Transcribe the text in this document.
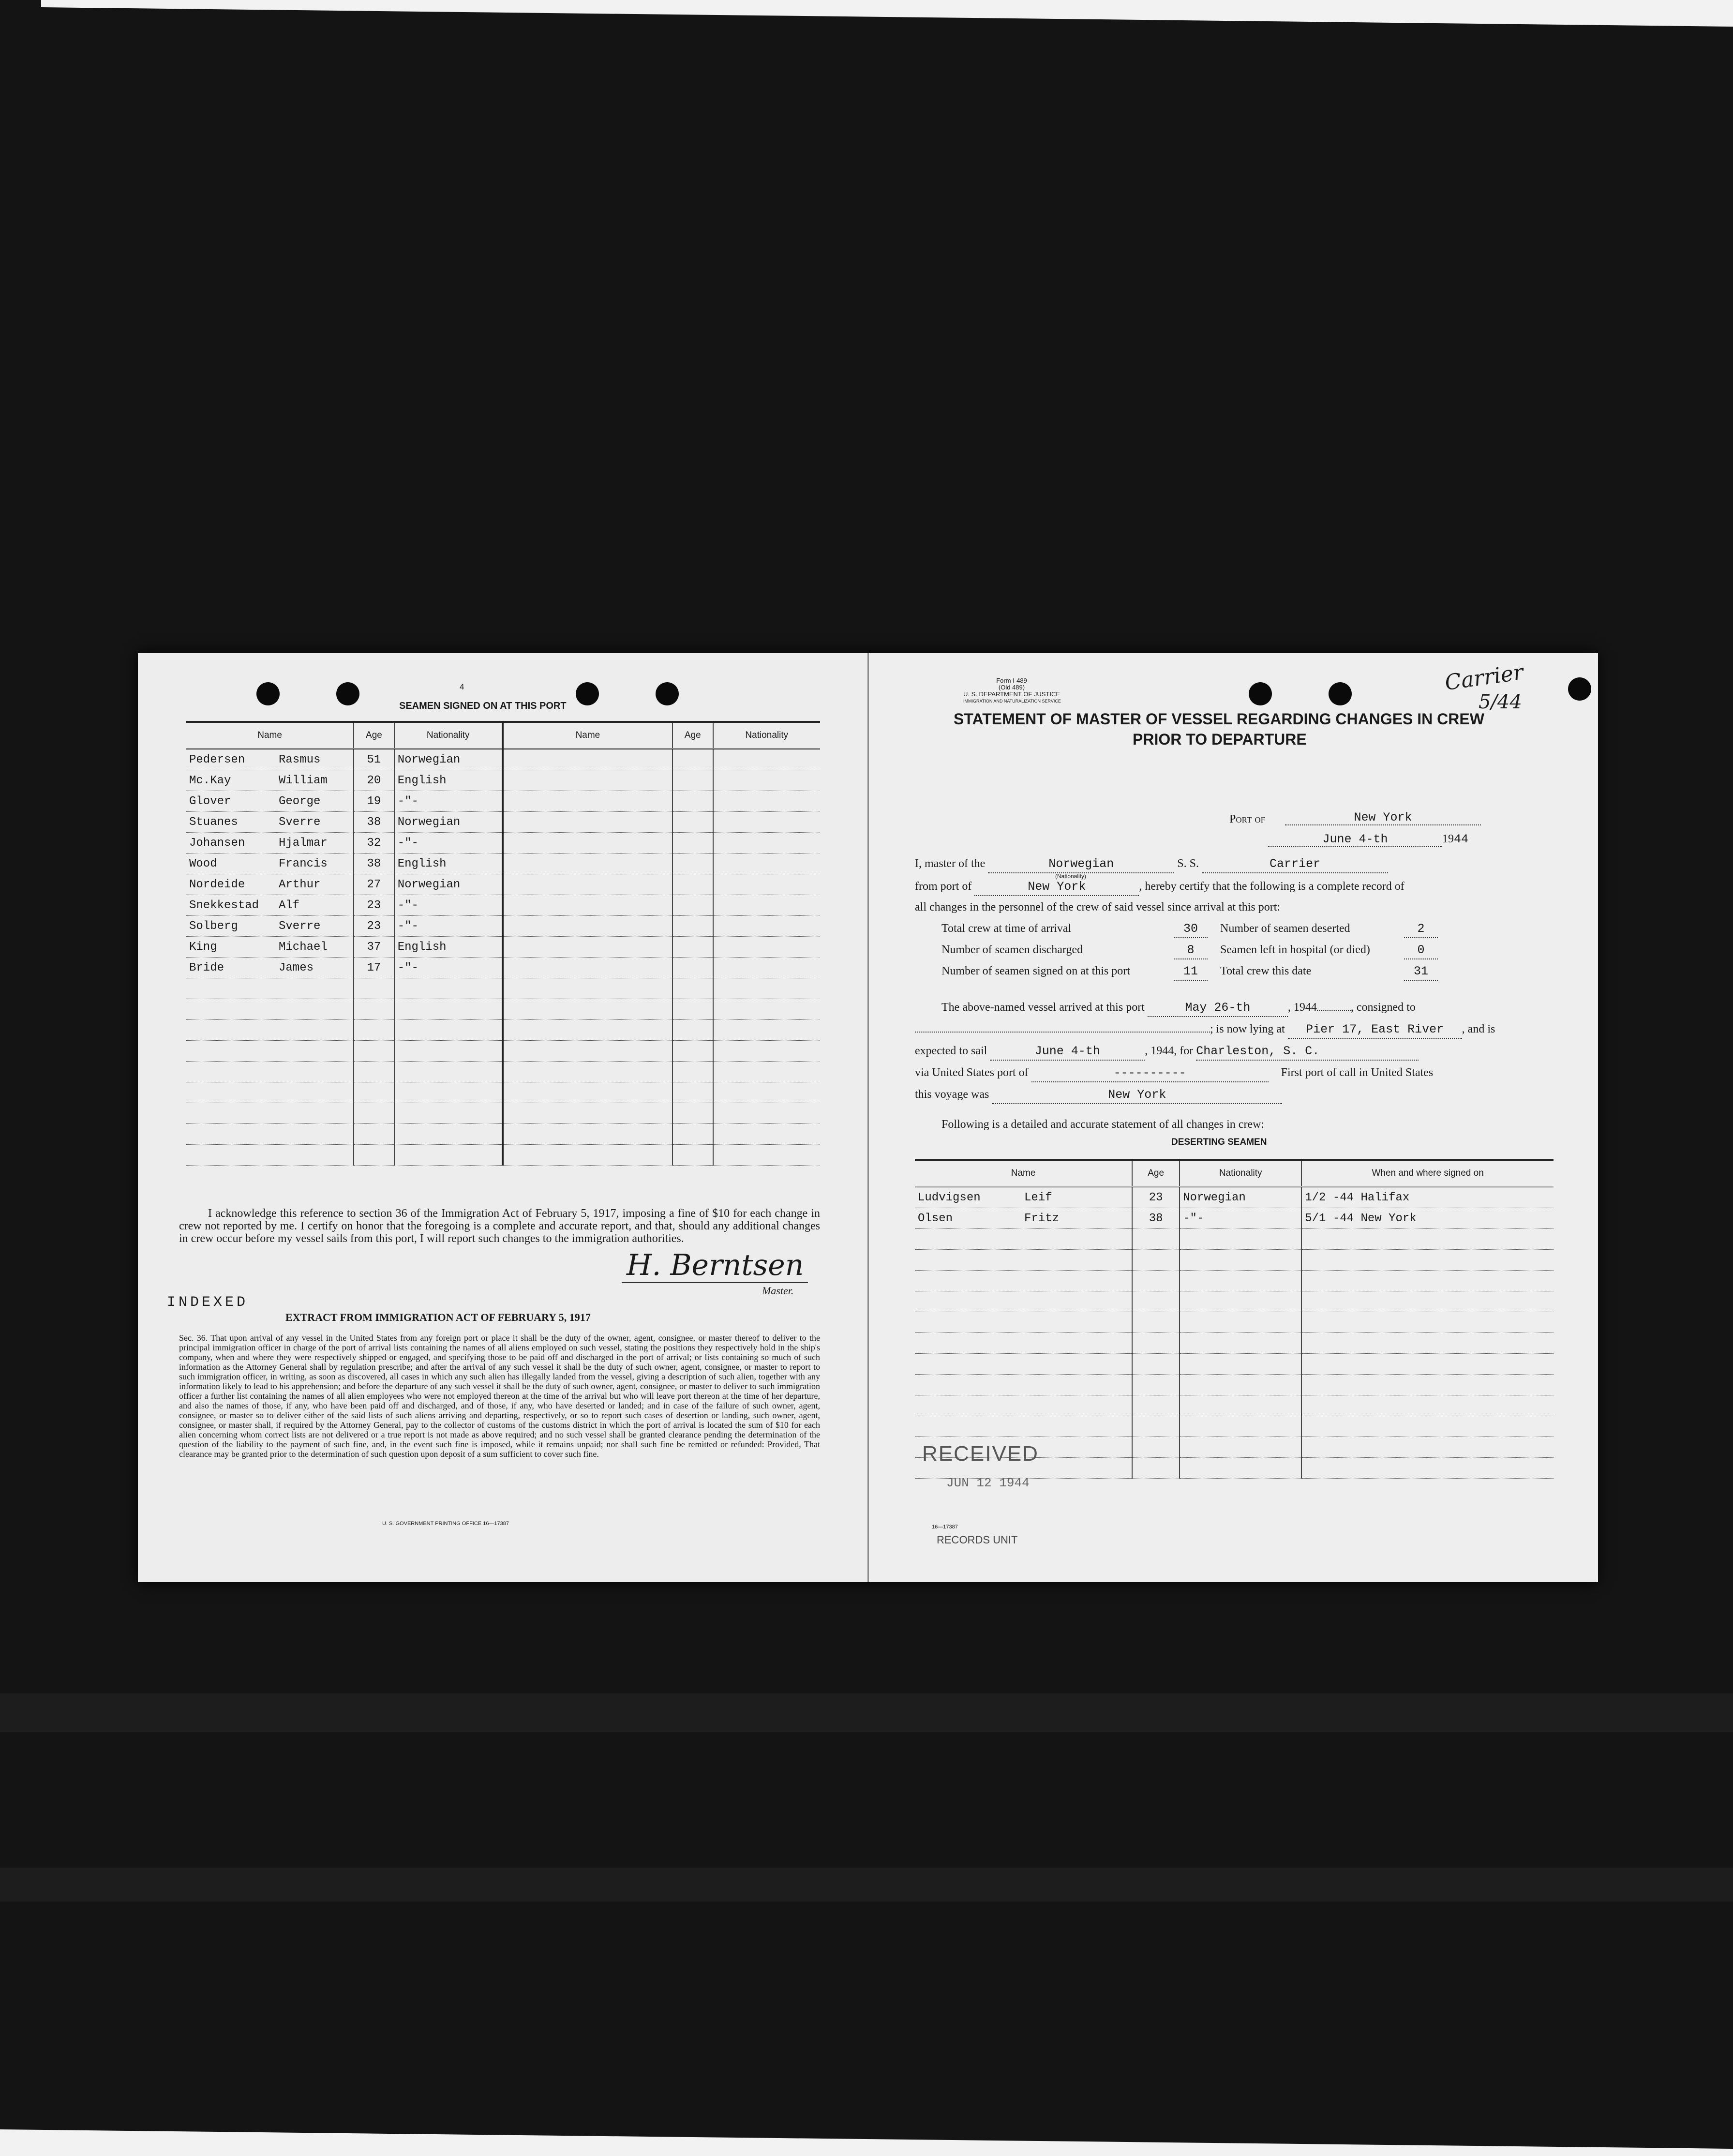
4
SEAMEN SIGNED ON AT THIS PORT
Name	Age	Nationality	Name	Age	Nationality
Pedersen Rasmus	51	Norwegian			
Mc.Kay William	20	English			
Glover George	19	-"-			
Stuanes Sverre	38	Norwegian			
Johansen Hjalmar	32	-"-			
Wood Francis	38	English			
Nordeide Arthur	27	Norwegian			
Snekkestad Alf	23	-"-			
Solberg Sverre	23	-"-			
King Michael	37	English			
Bride James	17	-"-			

I acknowledge this reference to section 36 of the Immigration Act of February 5, 1917, imposing a fine of $10 for each change in crew not reported by me. I certify on honor that the foregoing is a complete and accurate report, and that, should any additional changes in crew occur before my vessel sails from this port, I will report such changes to the immigration authorities.
H. Berntsen
Master.
INDEXED
EXTRACT FROM IMMIGRATION ACT OF FEBRUARY 5, 1917
Sec. 36. That upon arrival of any vessel in the United States from any foreign port or place it shall be the duty of the owner, agent, consignee, or master thereof to deliver to the principal immigration officer in charge of the port of arrival lists containing the names of all aliens employed on such vessel, stating the positions they respectively hold in the ship's company, when and where they were respectively shipped or engaged, and specifying those to be paid off and discharged in the port of arrival; or lists containing so much of such information as the Attorney General shall by regulation prescribe; and after the arrival of any such vessel it shall be the duty of such owner, agent, consignee, or master to report to such immigration officer, in writing, as soon as discovered, all cases in which any such alien has illegally landed from the vessel, giving a description of such alien, together with any information likely to lead to his apprehension; and before the departure of any such vessel it shall be the duty of such owner, agent, consignee, or master to deliver to such immigration officer a further list containing the names of all alien employees who were not employed thereon at the time of the arrival but who will leave port thereon at the time of her departure, and also the names of those, if any, who have been paid off and discharged, and of those, if any, who have deserted or landed; and in case of the failure of such owner, agent, consignee, or master so to deliver either of the said lists of such aliens arriving and departing, respectively, or so to report such cases of desertion or landing, such owner, agent, consignee, or master shall, if required by the Attorney General, pay to the collector of customs of the customs district in which the port of arrival is located the sum of $10 for each alien concerning whom correct lists are not delivered or a true report is not made as above required; and no such vessel shall be granted clearance pending the determination of the question of the liability to the payment of such fine, and, in the event such fine is imposed, while it remains unpaid; nor shall such fine be remitted or refunded: Provided, That clearance may be granted prior to the determination of such question upon deposit of a sum sufficient to cover such fine.
U. S. GOVERNMENT PRINTING OFFICE 16—17387
Form I-489
(Old 489)
U. S. DEPARTMENT OF JUSTICE
IMMIGRATION AND NATURALIZATION SERVICE
Carrier
5/44
STATEMENT OF MASTER OF VESSEL REGARDING CHANGES IN CREW
PRIOR TO DEPARTURE
Port of	New York
June 4-th	1944
I, master of the	Norwegian	S. S.	Carrier
(Nationality)
from port of	New York	, hereby certify that the following is a complete record of
all changes in the personnel of the crew of said vessel since arrival at this port:
Total crew at time of arrival	30 Number of seamen deserted	2
Number of seamen discharged	8 Seamen left in hospital (or died)	0
Number of seamen signed on at this port	11 Total crew this date	31
The above-named vessel arrived at this port	May 26-th	, 1944	, consigned to
; is now lying at Pier 17, East River , and is
expected to sail	June 4-th	, 1944, for Charleston, S. C.
via United States port of	----------	First port of call in United States
this voyage was	New York
Following is a detailed and accurate statement of all changes in crew:
DESERTING SEAMEN
Name	Age	Nationality	When and where signed on
Ludvigsen Leif	23	Norwegian	1/2 -44 Halifax
Olsen Fritz	38	-"-	5/1 -44 New York

RECEIVED
JUN 12 1944
16—17387
RECORDS UNIT
